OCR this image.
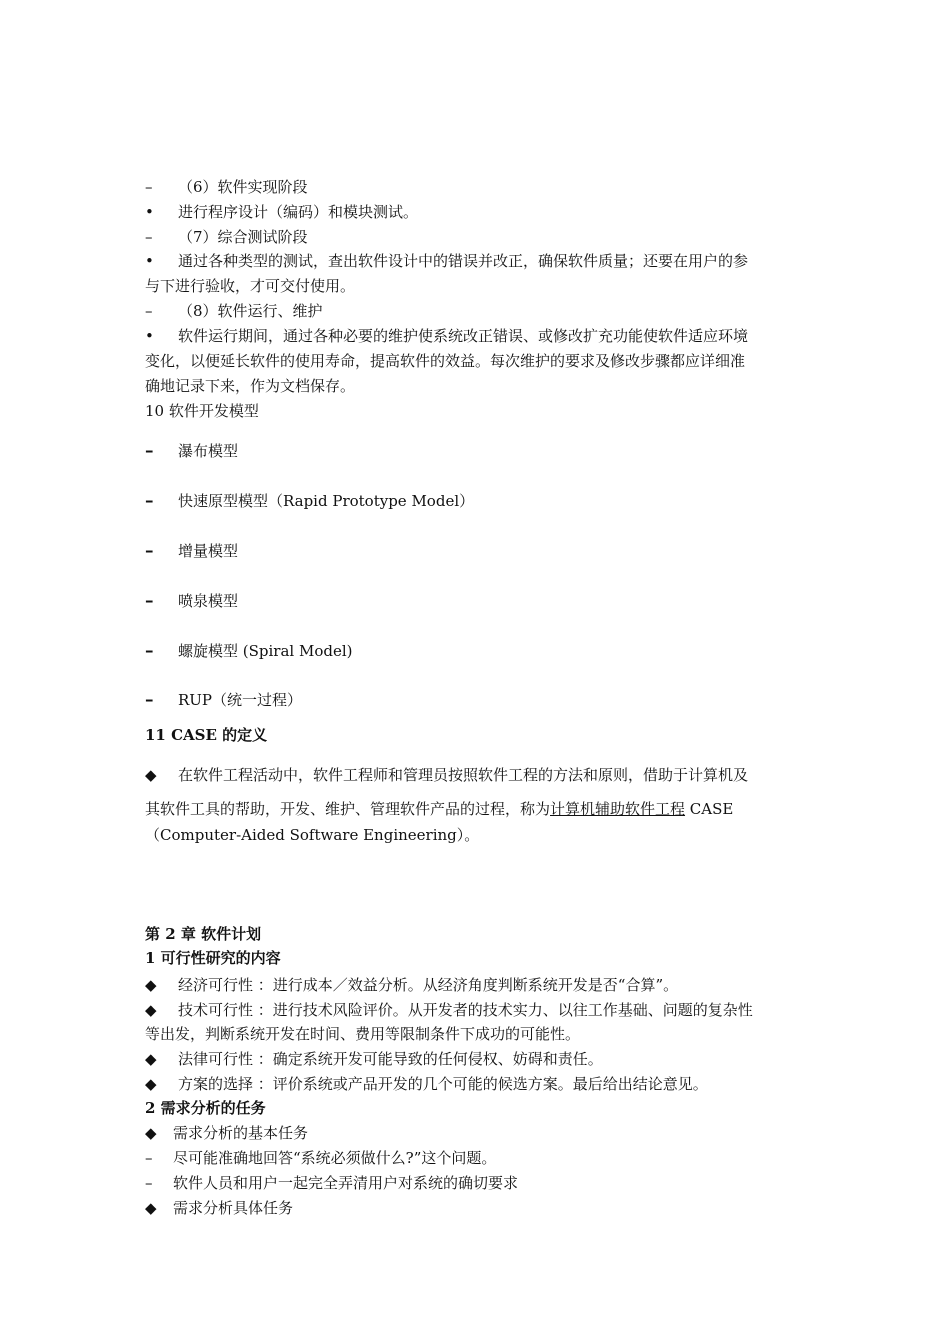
– （6）软件实现阶段
• 进行程序设计（编码）和模块测试。
– （7）综合测试阶段
• 通过各种类型的测试，查出软件设计中的错误并改正，确保软件质量；还要在用户的参
与下进行验收，才可交付使用。
– （8）软件运行、维护
• 软件运行期间，通过各种必要的维护使系统改正错误、或修改扩充功能使软件适应环境
变化，以便延长软件的使用寿命，提高软件的效益。每次维护的要求及修改步骤都应详细准
确地记录下来，作为文档保存。
10 软件开发模型
– 瀑布模型
– 快速原型模型（Rapid Prototype Model）
– 增量模型
– 喷泉模型
– 螺旋模型 (Spiral Model)
– RUP（统一过程）
11 CASE 的定义
◆ 在软件工程活动中，软件工程师和管理员按照软件工程的方法和原则，借助于计算机及
其软件工具的帮助，开发、维护、管理软件产品的过程，称为计算机辅助软件工程 CASE
（Computer-Aided Software Engineering）。
第 2 章 软件计划
1 可行性研究的内容
◆ 经济可行性 ：进行成本／效益分析。从经济角度判断系统开发是否“合算”。
◆ 技术可行性 ：进行技术风险评价。从开发者的技术实力、以往工作基础、问题的复杂性
等出发，判断系统开发在时间、费用等限制条件下成功的可能性。
◆ 法律可行性 ：确定系统开发可能导致的任何侵权、妨碍和责任。
◆ 方案的选择 ：评价系统或产品开发的几个可能的候选方案。最后给出结论意见。
2 需求分析的任务
◆ 需求分析的基本任务
– 尽可能准确地回答“系统必须做什么?”这个问题。
– 软件人员和用户一起完全弄清用户对系统的确切要求
◆ 需求分析具体任务
